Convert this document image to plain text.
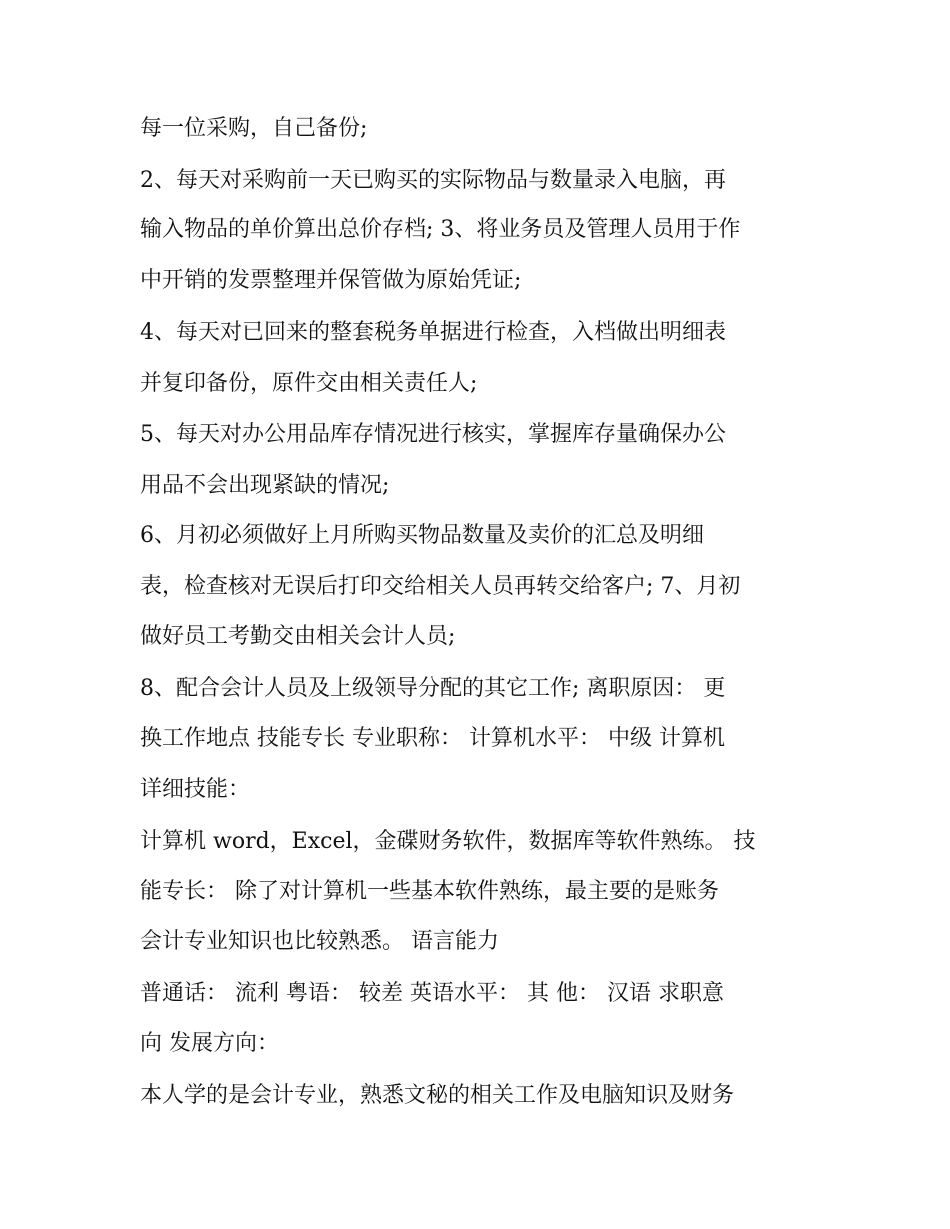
每一位采购，自己备份;
2、每天对采购前一天已购买的实际物品与数量录入电脑，再
输入物品的单价算出总价存档; 3、将业务员及管理人员用于作
中开销的发票整理并保管做为原始凭证;
4、每天对已回来的整套税务单据进行检查，入档做出明细表
并复印备份，原件交由相关责任人;
5、每天对办公用品库存情况进行核实，掌握库存量确保办公
用品不会出现紧缺的情况;
6、月初必须做好上月所购买物品数量及卖价的汇总及明细
表，检查核对无误后打印交给相关人员再转交给客户; 7、月初
做好员工考勤交由相关会计人员;
8、配合会计人员及上级领导分配的其它工作; 离职原因： 更
换工作地点 技能专长 专业职称： 计算机水平： 中级 计算机
详细技能：
计算机 word，Excel，金碟财务软件，数据库等软件熟练。 技
能专长： 除了对计算机一些基本软件熟练，最主要的是账务
会计专业知识也比较熟悉。 语言能力
普通话： 流利 粤语： 较差 英语水平： 其 他： 汉语 求职意
向 发展方向：
本人学的是会计专业，熟悉文秘的相关工作及电脑知识及财务
